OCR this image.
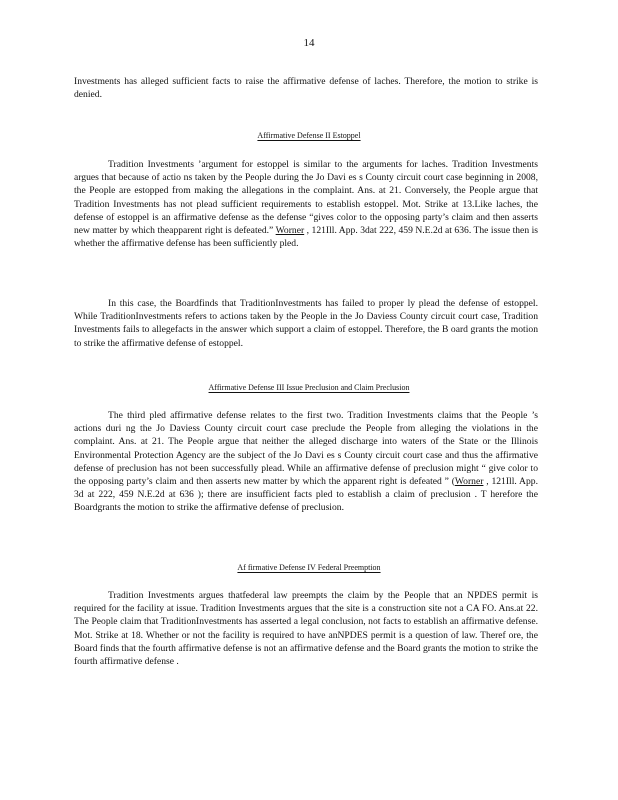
14

Investments has alleged sufficient facts to raise the affirmative defense of laches. Therefore, the motion to strike is denied.

Affirmative Defense II Estoppel

Tradition Investments ’argument for estoppel is similar to the arguments for laches. Tradition Investments argues that because of actio ns taken by the People during the Jo Davi es s County circuit court case beginning in 2008, the People are estopped from making the allegations in the complaint. Ans. at 21. Conversely, the People argue that Tradition Investments has not plead sufficient requirements to establish estoppel. Mot. Strike at 13.Like laches, the defense of estoppel is an affirmative defense as the defense “gives color to the opposing party’s claim and then asserts new matter by which theapparent right is defeated.” Worner , 121Ill. App. 3dat 222, 459 N.E.2d at 636. The issue then is whether the affirmative defense has been sufficiently pled.

In this case, the Boardfinds that TraditionInvestments has failed to proper ly plead the defense of estoppel. While TraditionInvestments refers to actions taken by the People in the Jo Daviess County circuit court case, Tradition Investments fails to allegefacts in the answer which support a claim of estoppel. Therefore, the B oard grants the motion to strike the affirmative defense of estoppel.

Affirmative Defense III Issue Preclusion and Claim Preclusion

The third pled affirmative defense relates to the first two. Tradition Investments claims that the People ’s actions duri ng the Jo Daviess County circuit court case preclude the People from alleging the violations in the complaint. Ans. at 21. The People argue that neither the alleged discharge into waters of the State or the Illinois Environmental Protection Agency are the subject of the Jo Davi es s County circuit court case and thus the affirmative defense of preclusion has not been successfully plead. While an affirmative defense of preclusion might “ give color to the opposing party’s claim and then asserts new matter by which the apparent right is defeated ” (Worner , 121Ill. App. 3d at 222, 459 N.E.2d at 636 ); there are insufficient facts pled to establish a claim of preclusion . T herefore the Boardgrants the motion to strike the affirmative defense of preclusion.

Af firmative Defense IV Federal Preemption

Tradition Investments argues thatfederal law preempts the claim by the People that an NPDES permit is required for the facility at issue. Tradition Investments argues that the site is a construction site not a CA FO. Ans.at 22. The People claim that TraditionInvestments has asserted a legal conclusion, not facts to establish an affirmative defense. Mot. Strike at 18. Whether or not the facility is required to have anNPDES permit is a question of law. Theref ore, the Board finds that the fourth affirmative defense is not an affirmative defense and the Board grants the motion to strike the fourth affirmative defense .
